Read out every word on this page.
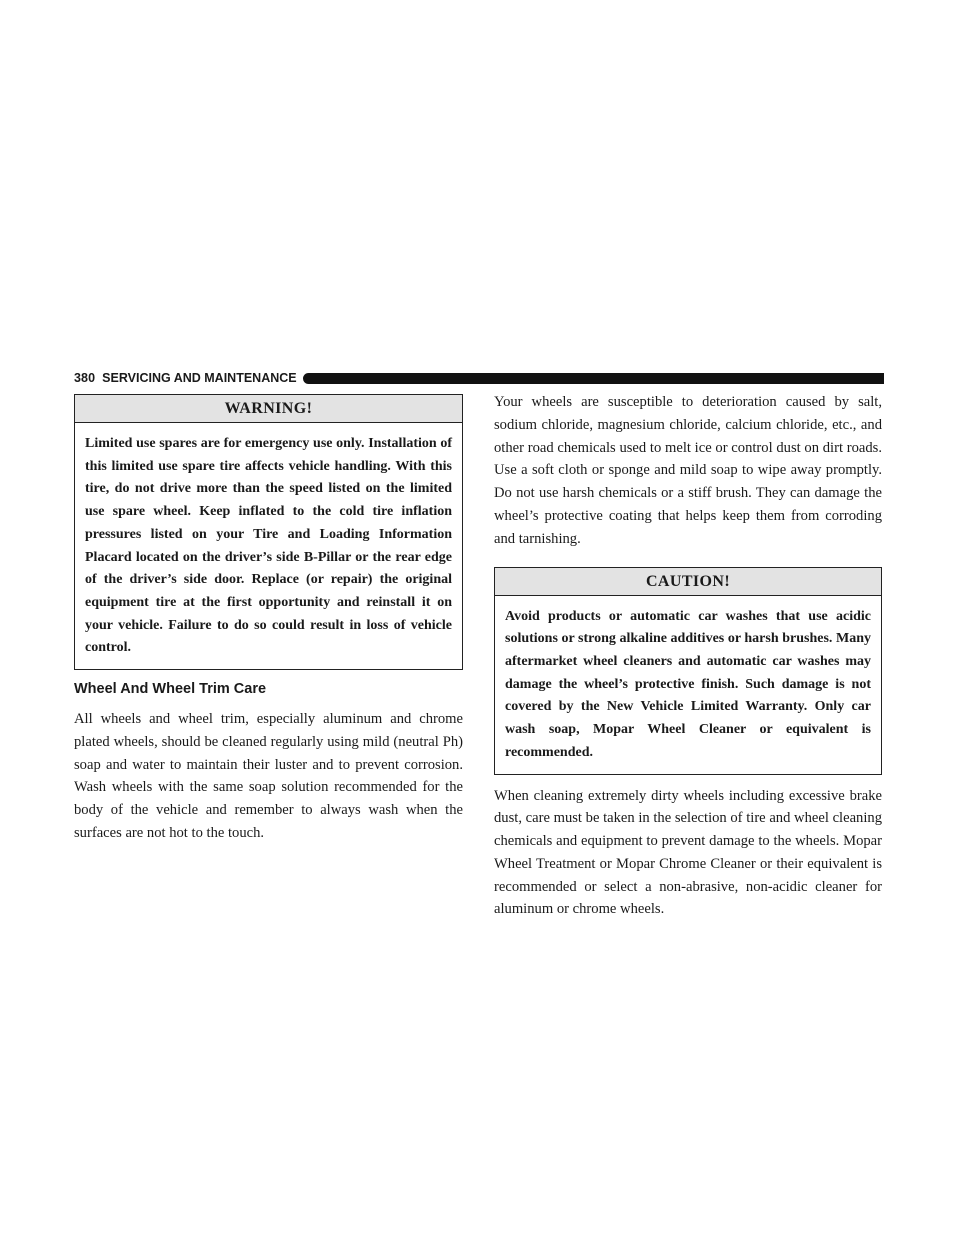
380 SERVICING AND MAINTENANCE
WARNING!
Limited use spares are for emergency use only. Installation of this limited use spare tire affects vehicle handling. With this tire, do not drive more than the speed listed on the limited use spare wheel. Keep inflated to the cold tire inflation pressures listed on your Tire and Loading Information Placard located on the driver’s side B-Pillar or the rear edge of the driver’s side door. Replace (or repair) the original equipment tire at the first opportunity and reinstall it on your vehicle. Failure to do so could result in loss of vehicle control.
Wheel And Wheel Trim Care

All wheels and wheel trim, especially aluminum and chrome plated wheels, should be cleaned regularly using mild (neutral Ph) soap and water to maintain their luster and to prevent corrosion. Wash wheels with the same soap solution recommended for the body of the vehicle and remember to always wash when the surfaces are not hot to the touch.

Your wheels are susceptible to deterioration caused by salt, sodium chloride, magnesium chloride, calcium chloride, etc., and other road chemicals used to melt ice or control dust on dirt roads. Use a soft cloth or sponge and mild soap to wipe away promptly. Do not use harsh chemicals or a stiff brush. They can damage the wheel’s protective coating that helps keep them from corroding and tarnishing.

CAUTION!
Avoid products or automatic car washes that use acidic solutions or strong alkaline additives or harsh brushes. Many aftermarket wheel cleaners and automatic car washes may damage the wheel’s protective finish. Such damage is not covered by the New Vehicle Limited Warranty. Only car wash soap, Mopar Wheel Cleaner or equivalent is recommended.

When cleaning extremely dirty wheels including excessive brake dust, care must be taken in the selection of tire and wheel cleaning chemicals and equipment to prevent damage to the wheels. Mopar Wheel Treatment or Mopar Chrome Cleaner or their equivalent is recommended or select a non-abrasive, non-acidic cleaner for aluminum or chrome wheels.
